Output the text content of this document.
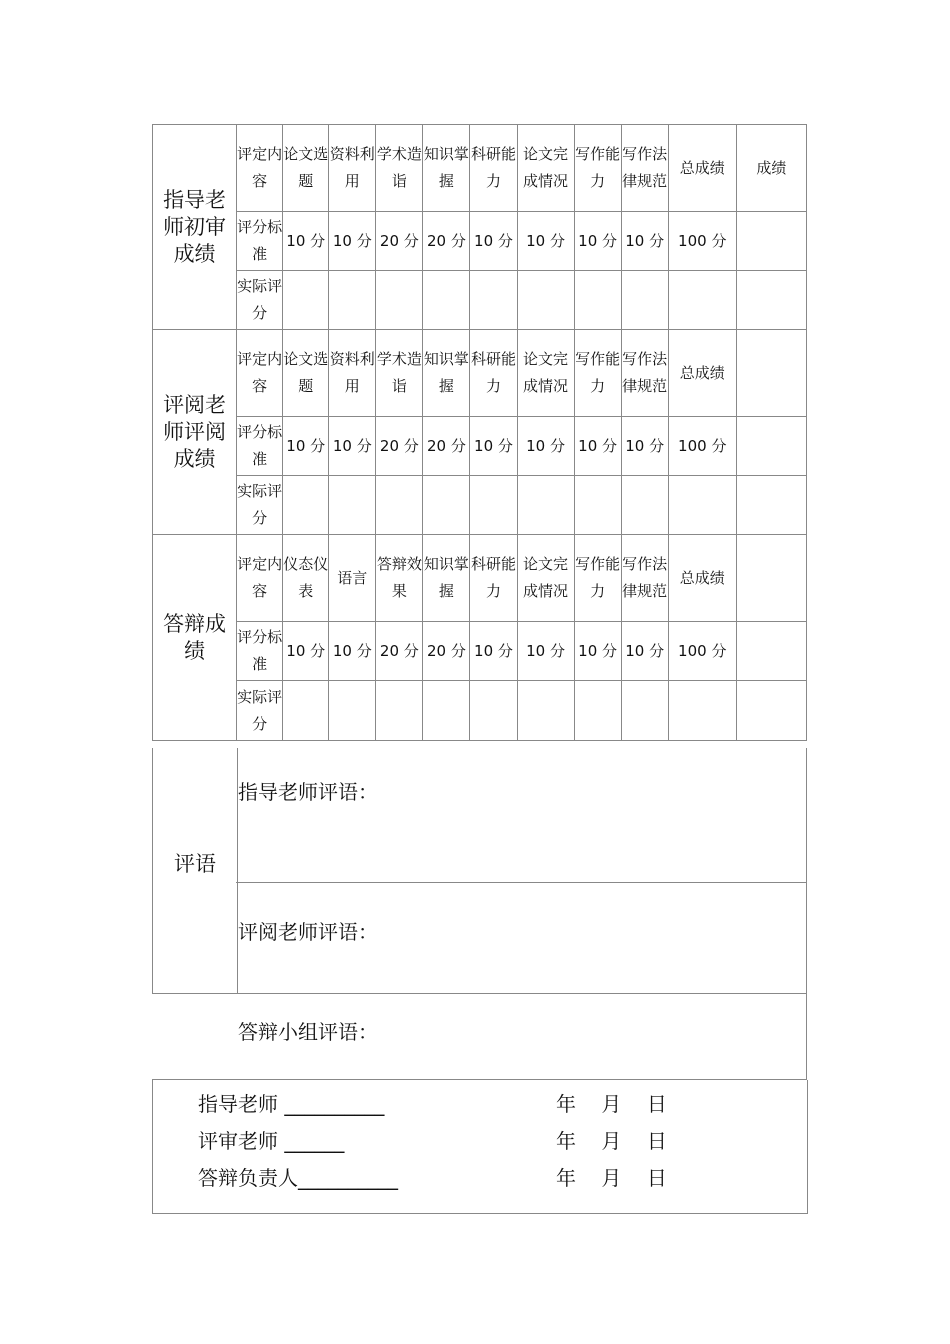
指导老师初审成绩	评定内容	论文选题	资料利用	学术造诣	知识掌握	科研能力	论文完成情况	写作能力	写作法律规范	总成绩	成绩
	评分标准	10 分	10 分	20 分	20 分	10 分	10 分	10 分	10 分	100 分	
	实际评分										
评阅老师评阅成绩	评定内容	论文选题	资料利用	学术造诣	知识掌握	科研能力	论文完成情况	写作能力	写作法律规范	总成绩	
	评分标准	10 分	10 分	20 分	20 分	10 分	10 分	10 分	10 分	100 分	
	实际评分										
答辩成绩	评定内容	仪态仪表	语言	答辩效果	知识掌握	科研能力	论文完成情况	写作能力	写作法律规范	总成绩	
	评分标准	10 分	10 分	20 分	20 分	10 分	10 分	10 分	10 分	100 分	
	实际评分										
评语
指导老师评语：
评阅老师评语：
答辩小组评语：
指导老师 __________	年    月    日
评审老师 ______	年    月    日
答辩负责人__________	年    月    日
